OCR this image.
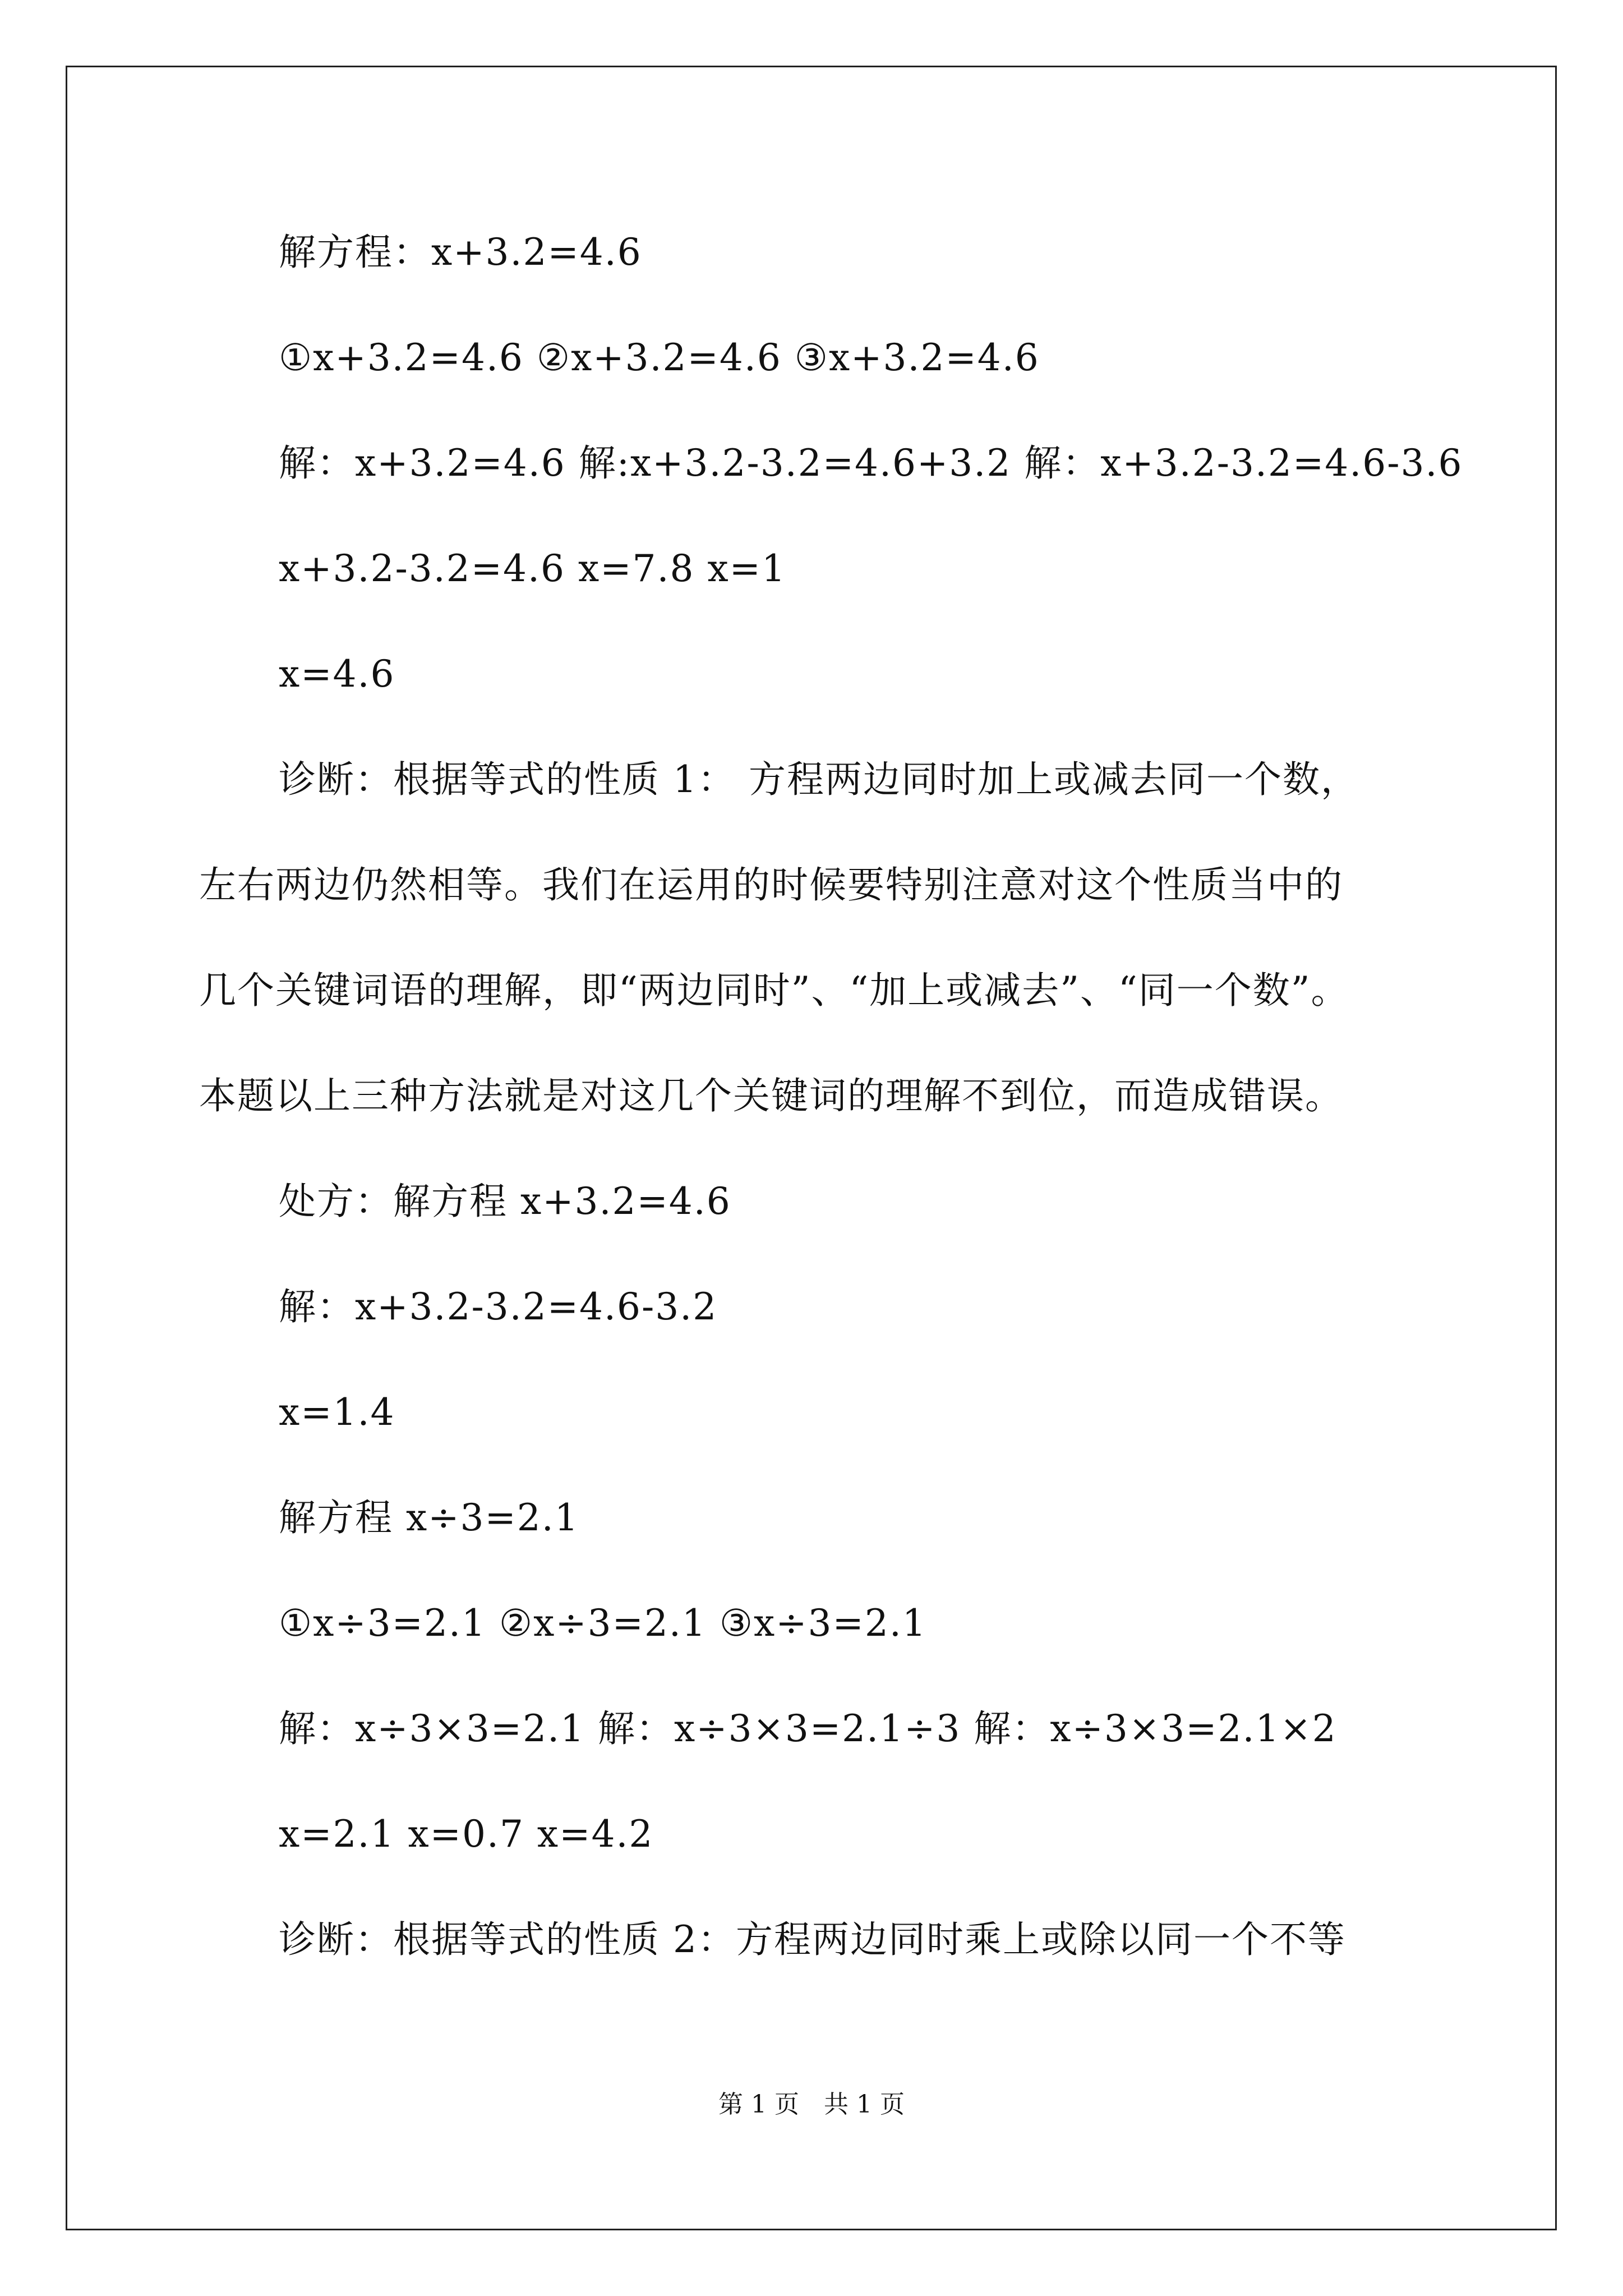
解方程：x+3.2=4.6
①x+3.2=4.6 ②x+3.2=4.6 ③x+3.2=4.6
解：x+3.2=4.6 解:x+3.2-3.2=4.6+3.2 解：x+3.2-3.2=4.6-3.6
x+3.2-3.2=4.6 x=7.8 x=1
x=4.6
诊断：根据等式的性质 1： 方程两边同时加上或减去同一个数，
左右两边仍然相等。我们在运用的时候要特别注意对这个性质当中的
几个关键词语的理解，即“两边同时”、“加上或减去”、“同一个数”。
本题以上三种方法就是对这几个关键词的理解不到位，而造成错误。
处方：解方程 x+3.2=4.6
解：x+3.2-3.2=4.6-3.2
x=1.4
解方程 x÷3=2.1
①x÷3=2.1 ②x÷3=2.1 ③x÷3=2.1
解：x÷3×3=2.1 解：x÷3×3=2.1÷3 解：x÷3×3=2.1×2
x=2.1 x=0.7 x=4.2
诊断：根据等式的性质 2：方程两边同时乘上或除以同一个不等
第 1 页　共 1 页
